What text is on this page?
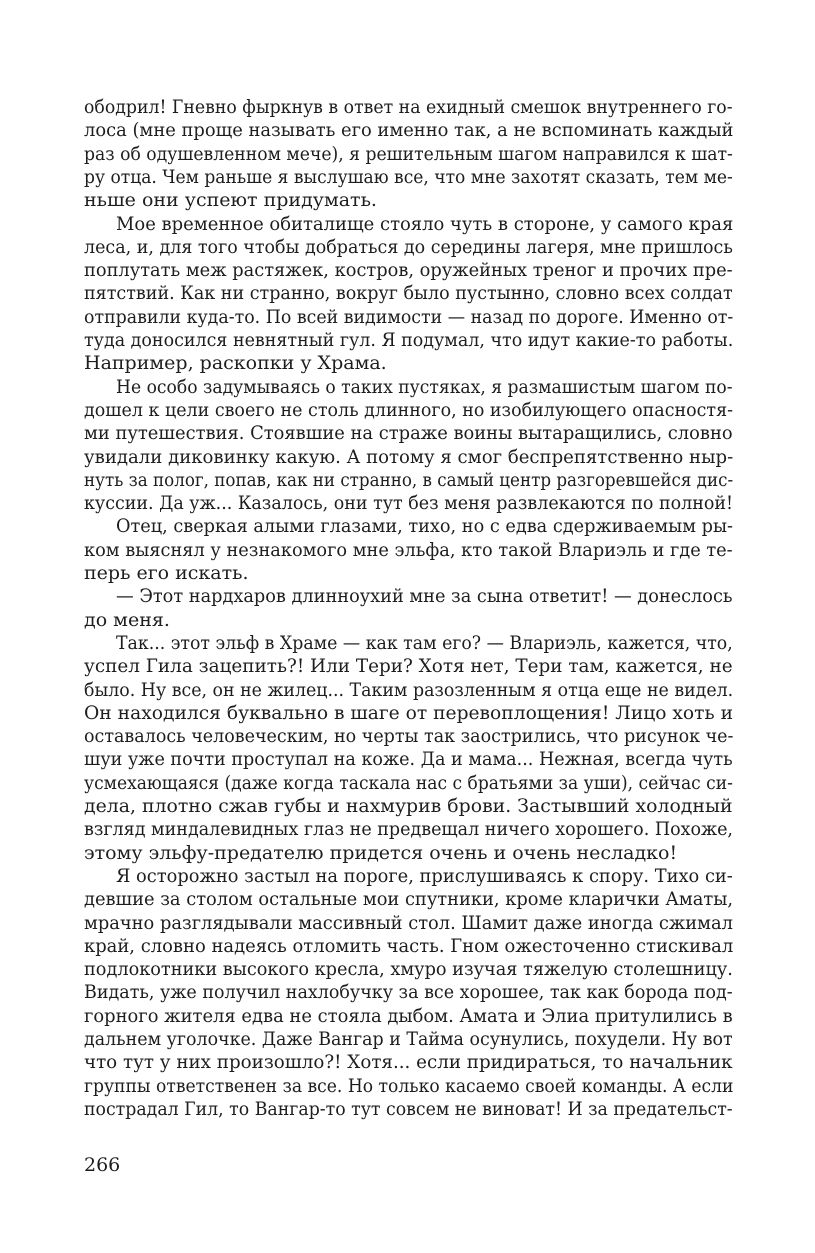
ободрил! Гневно фыркнув в ответ на ехидный смешок внутреннего го-
лоса (мне проще называть его именно так, а не вспоминать каждый
раз об одушевленном мече), я решительным шагом направился к шат-
ру отца. Чем раньше я выслушаю все, что мне захотят сказать, тем ме-
ньше они успеют придумать.
Мое временное обиталище стояло чуть в стороне, у самого края
леса, и, для того чтобы добраться до середины лагеря, мне пришлось
поплутать меж растяжек, костров, оружейных треног и прочих пре-
пятствий. Как ни странно, вокруг было пустынно, словно всех солдат
отправили куда-то. По всей видимости — назад по дороге. Именно от-
туда доносился невнятный гул. Я подумал, что идут какие-то работы.
Например, раскопки у Храма.
Не особо задумываясь о таких пустяках, я размашистым шагом по-
дошел к цели своего не столь длинного, но изобилующего опасностя-
ми путешествия. Стоявшие на страже воины вытаращились, словно
увидали диковинку какую. А потому я смог беспрепятственно ныр-
нуть за полог, попав, как ни странно, в самый центр разгоревшейся дис-
куссии. Да уж... Казалось, они тут без меня развлекаются по полной!
Отец, сверкая алыми глазами, тихо, но с едва сдерживаемым ры-
ком выяснял у незнакомого мне эльфа, кто такой Влариэль и где те-
перь его искать.
— Этот нардхаров длинноухий мне за сына ответит! — донеслось
до меня.
Так... этот эльф в Храме — как там его? — Влариэль, кажется, что,
успел Гила зацепить?! Или Тери? Хотя нет, Тери там, кажется, не
было. Ну все, он не жилец... Таким разозленным я отца еще не видел.
Он находился буквально в шаге от перевоплощения! Лицо хоть и
оставалось человеческим, но черты так заострились, что рисунок че-
шуи уже почти проступал на коже. Да и мама... Нежная, всегда чуть
усмехающаяся (даже когда таскала нас с братьями за уши), сейчас си-
дела, плотно сжав губы и нахмурив брови. Застывший холодный
взгляд миндалевидных глаз не предвещал ничего хорошего. Похоже,
этому эльфу-предателю придется очень и очень несладко!
Я осторожно застыл на пороге, прислушиваясь к спору. Тихо си-
девшие за столом остальные мои спутники, кроме кларички Аматы,
мрачно разглядывали массивный стол. Шамит даже иногда сжимал
край, словно надеясь отломить часть. Гном ожесточенно стискивал
подлокотники высокого кресла, хмуро изучая тяжелую столешницу.
Видать, уже получил нахлобучку за все хорошее, так как борода под-
горного жителя едва не стояла дыбом. Амата и Элиа притулились в
дальнем уголочке. Даже Вангар и Тайма осунулись, похудели. Ну вот
что тут у них произошло?! Хотя... если придираться, то начальник
группы ответственен за все. Но только касаемо своей команды. А если
пострадал Гил, то Вангар-то тут совсем не виноват! И за предательст-
266
